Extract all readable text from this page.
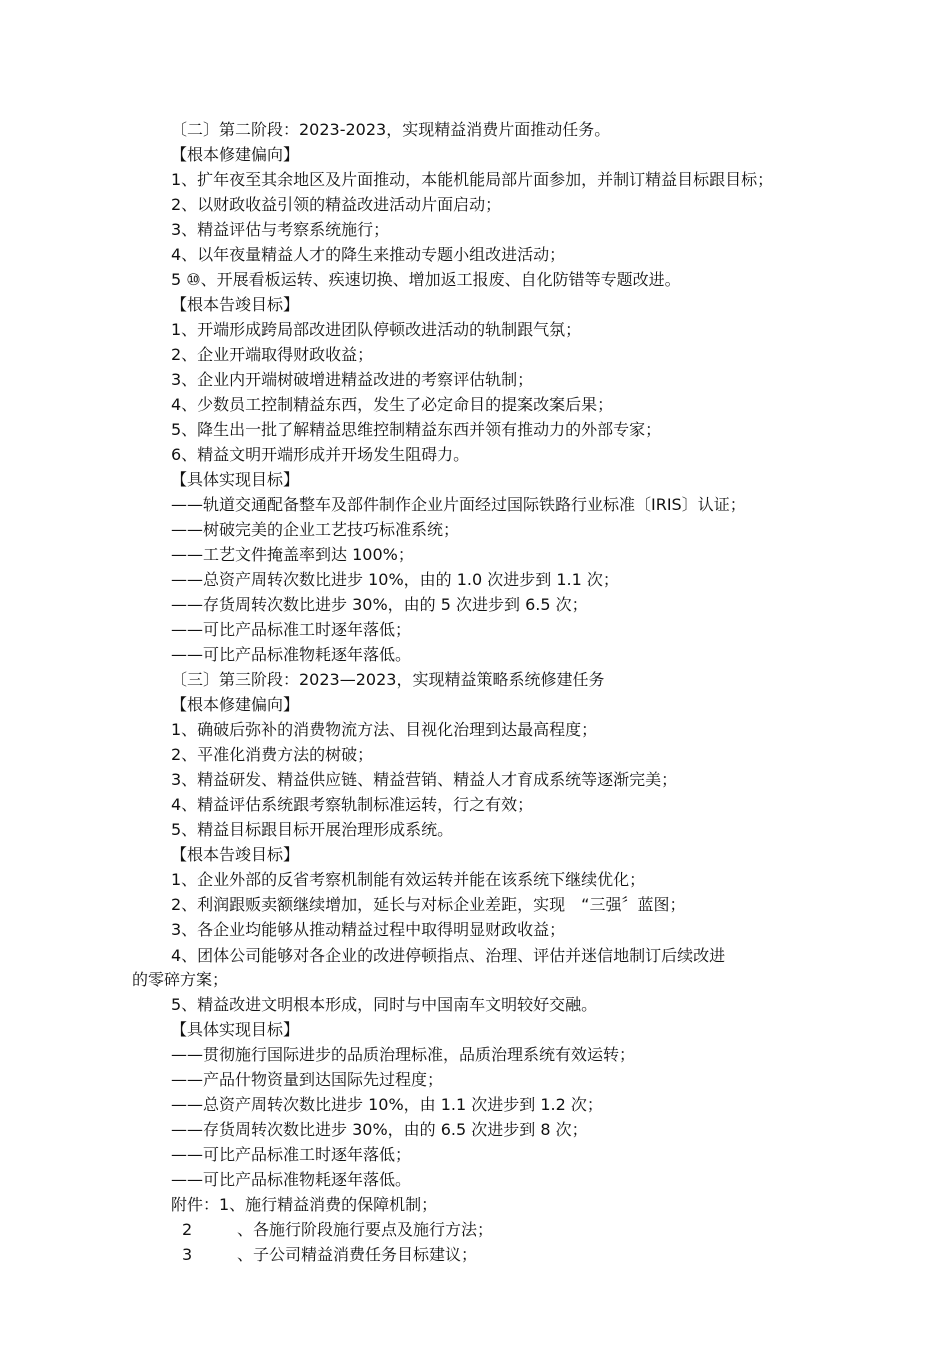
〔二〕第二阶段：2023-2023，实现精益消费片面推动任务。
【根本修建偏向】
1、扩年夜至其余地区及片面推动，本能机能局部片面参加，并制订精益目标跟目标；
2、以财政收益引领的精益改进活动片面启动；
3、精益评估与考察系统施行；
4、以年夜量精益人才的降生来推动专题小组改进活动；
5 ⑩、开展看板运转、疾速切换、增加返工报废、自化防错等专题改进。
【根本告竣目标】
1、开端形成跨局部改进团队停顿改进活动的轨制跟气氛；
2、企业开端取得财政收益；
3、企业内开端树破增进精益改进的考察评估轨制；
4、少数员工控制精益东西，发生了必定命目的提案改案后果；
5、降生出一批了解精益思维控制精益东西并领有推动力的外部专家；
6、精益文明开端形成并开场发生阻碍力。
【具体实现目标】
——轨道交通配备整车及部件制作企业片面经过国际铁路行业标准〔IRIS〕认证；
——树破完美的企业工艺技巧标准系统；
——工艺文件掩盖率到达 100%；
——总资产周转次数比进步 10%，由的 1.0 次进步到 1.1 次；
——存货周转次数比进步 30%，由的 5 次进步到 6.5 次；
——可比产品标准工时逐年落低；
——可比产品标准物耗逐年落低。
〔三〕第三阶段：2023—2023，实现精益策略系统修建任务
【根本修建偏向】
1、确破后弥补的消费物流方法、目视化治理到达最高程度；
2、平准化消费方法的树破；
3、精益研发、精益供应链、精益营销、精益人才育成系统等逐渐完美；
4、精益评估系统跟考察轨制标准运转，行之有效；
5、精益目标跟目标开展治理形成系统。
【根本告竣目标】
1、企业外部的反省考察机制能有效运转并能在该系统下继续优化；
2、利润跟贩卖额继续增加，延长与对标企业差距，实现　“三强〞蓝图；
3、各企业均能够从推动精益过程中取得明显财政收益；
4、团体公司能够对各企业的改进停顿指点、治理、评估并迷信地制订后续改进
的零碎方案；
5、精益改进文明根本形成，同时与中国南车文明较好交融。
【具体实现目标】
——贯彻施行国际进步的品质治理标准，品质治理系统有效运转；
——产品什物资量到达国际先过程度；
——总资产周转次数比进步 10%，由 1.1 次进步到 1.2 次；
——存货周转次数比进步 30%，由的 6.5 次进步到 8 次；
——可比产品标准工时逐年落低；
——可比产品标准物耗逐年落低。
附件：1、施行精益消费的保障机制；
2	、各施行阶段施行要点及施行方法；
3	、子公司精益消费任务目标建议；
